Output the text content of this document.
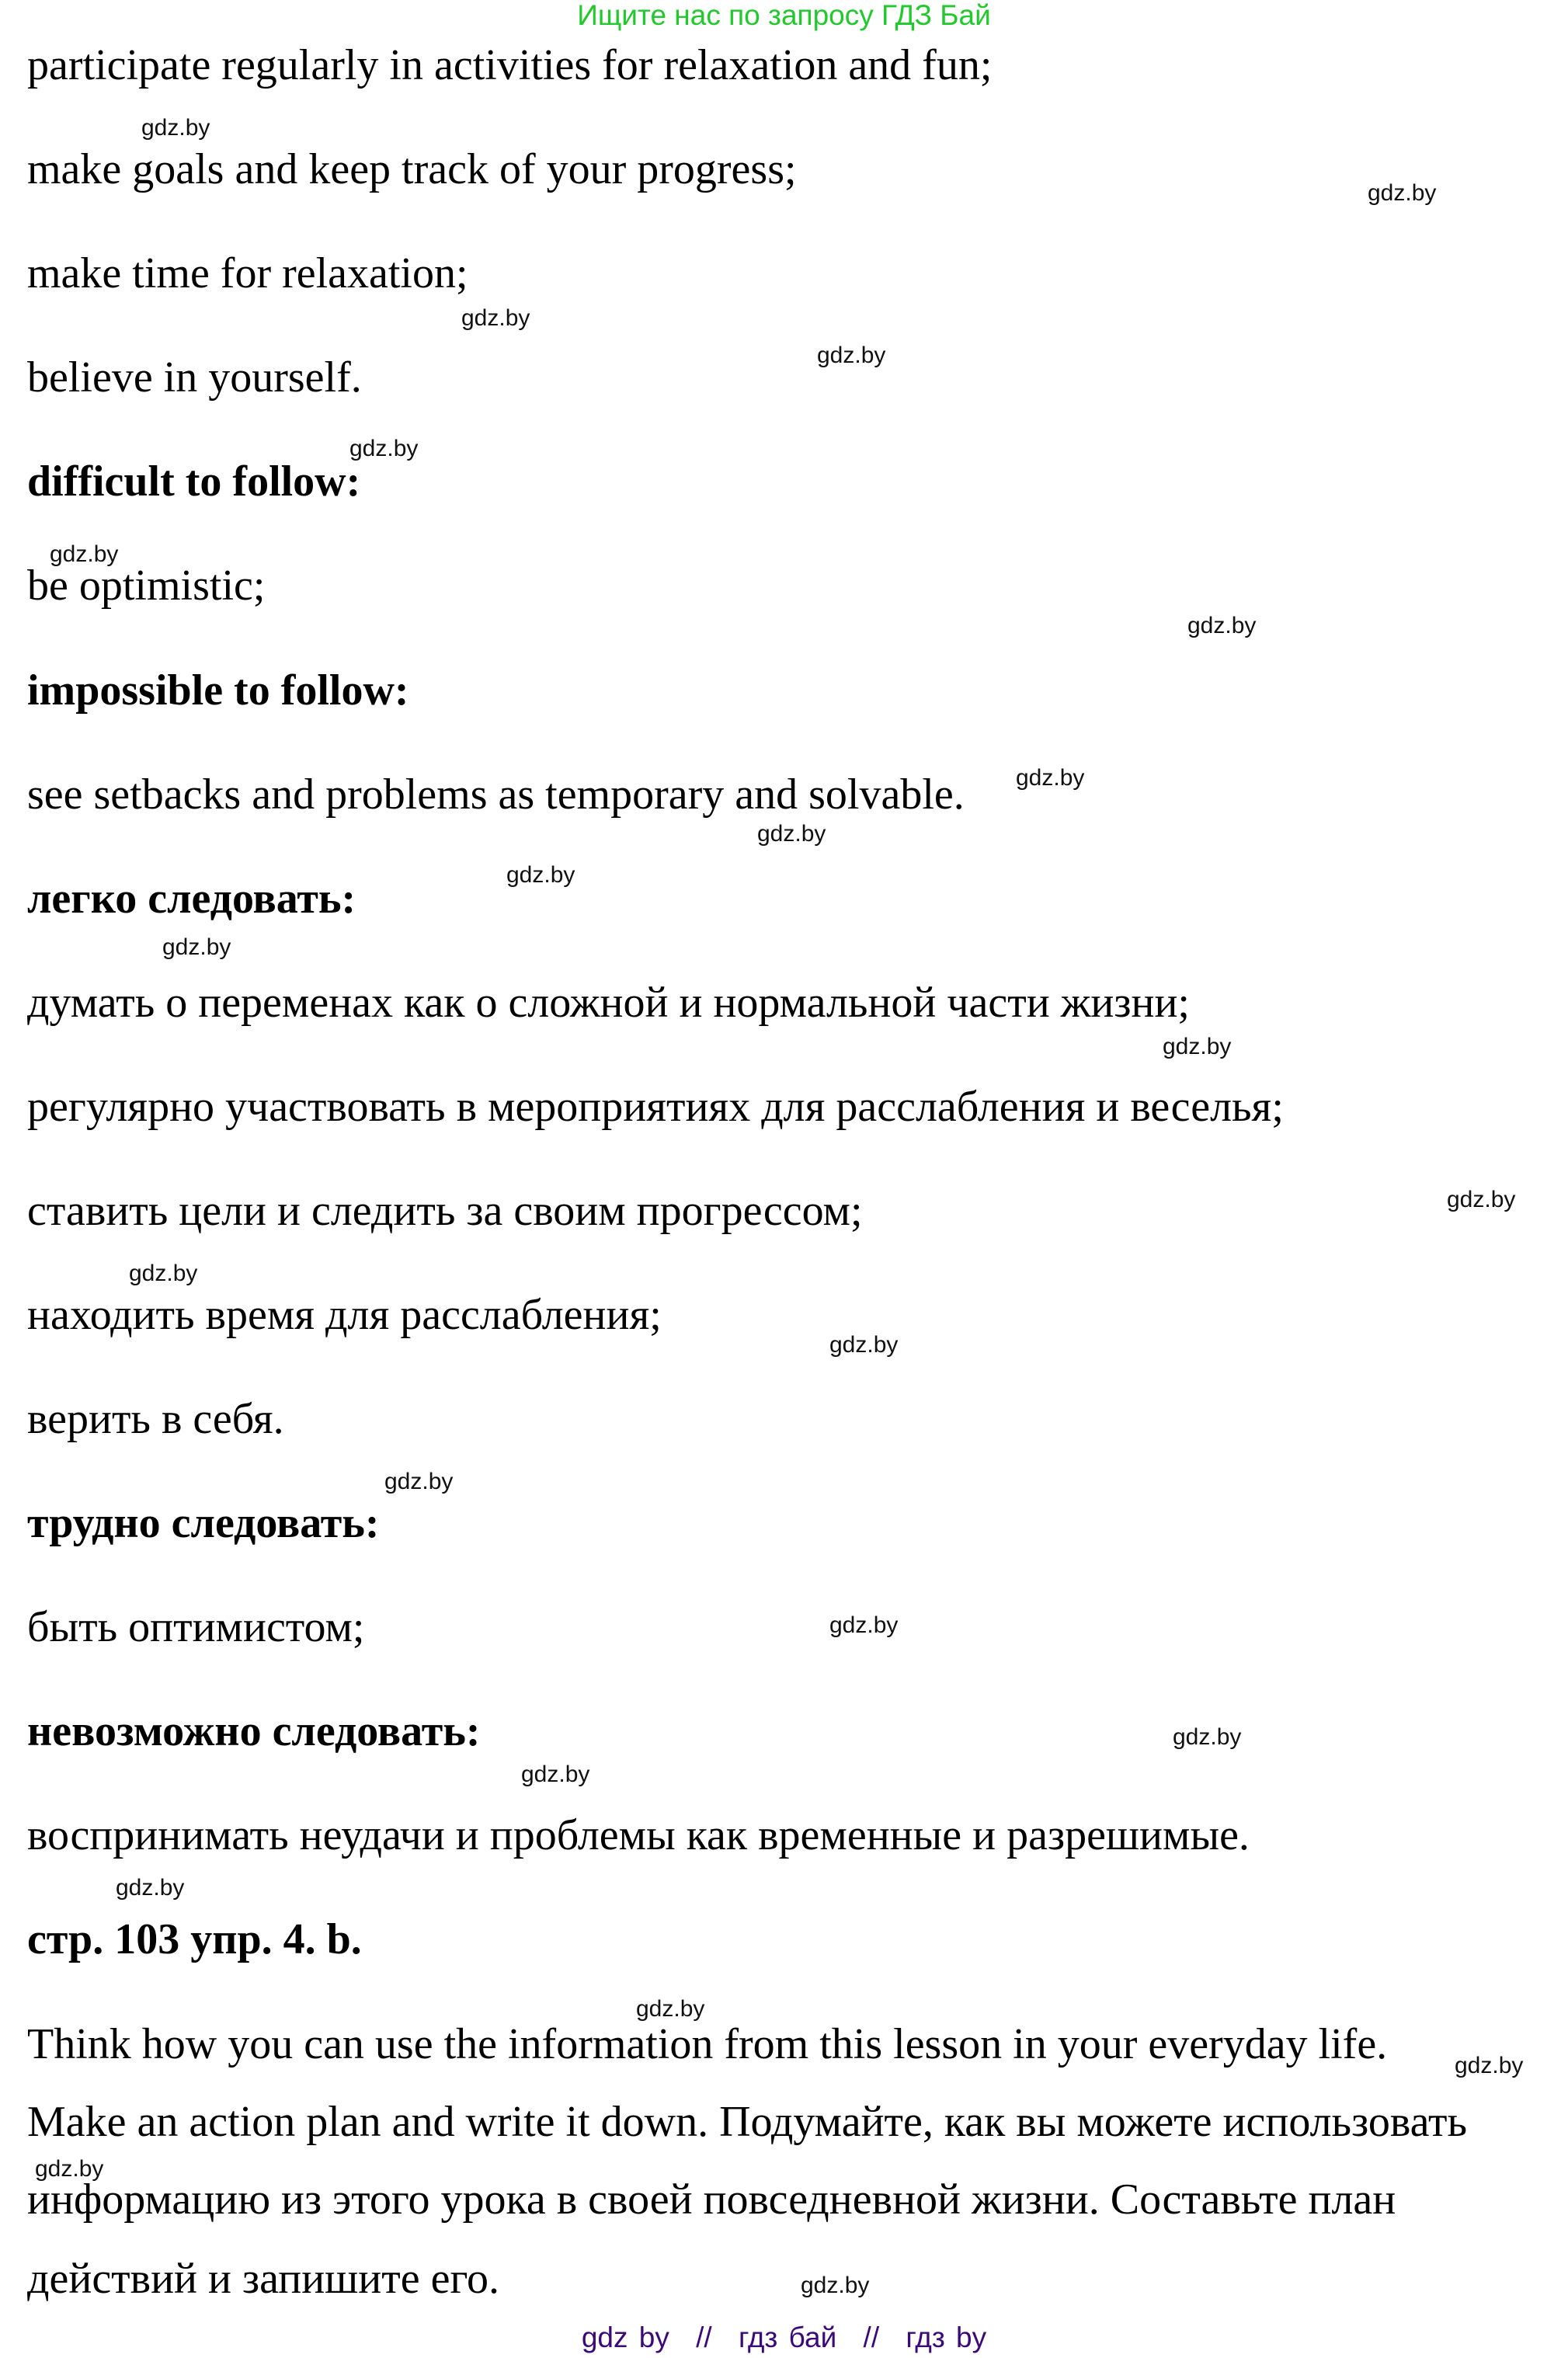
Ищите нас по запросу ГДЗ Бай
participate regularly in activities for relaxation and fun;
make goals and keep track of your progress;
make time for relaxation;
believe in yourself.
difficult to follow:
be optimistic;
impossible to follow:
see setbacks and problems as temporary and solvable.
легко следовать:
думать о переменах как о сложной и нормальной части жизни;
регулярно участвовать в мероприятиях для расслабления и веселья;
ставить цели и следить за своим прогрессом;
находить время для расслабления;
верить в себя.
трудно следовать:
быть оптимистом;
невозможно следовать:
воспринимать неудачи и проблемы как временные и разрешимые.
стр. 103 упр. 4. b.
Think how you can use the information from this lesson in your everyday life.
Make an action plan and write it down. Подумайте, как вы можете использовать
информацию из этого урока в своей повседневной жизни. Составьте план
действий и запишите его.
gdz.by
gdz.by
gdz.by
gdz.by
gdz.by
gdz.by
gdz.by
gdz.by
gdz.by
gdz.by
gdz.by
gdz.by
gdz.by
gdz.by
gdz.by
gdz.by
gdz.by
gdz.by
gdz.by
gdz.by
gdz.by
gdz.by
gdz.by
gdz.by
gdz by // гдз бай // гдз by
